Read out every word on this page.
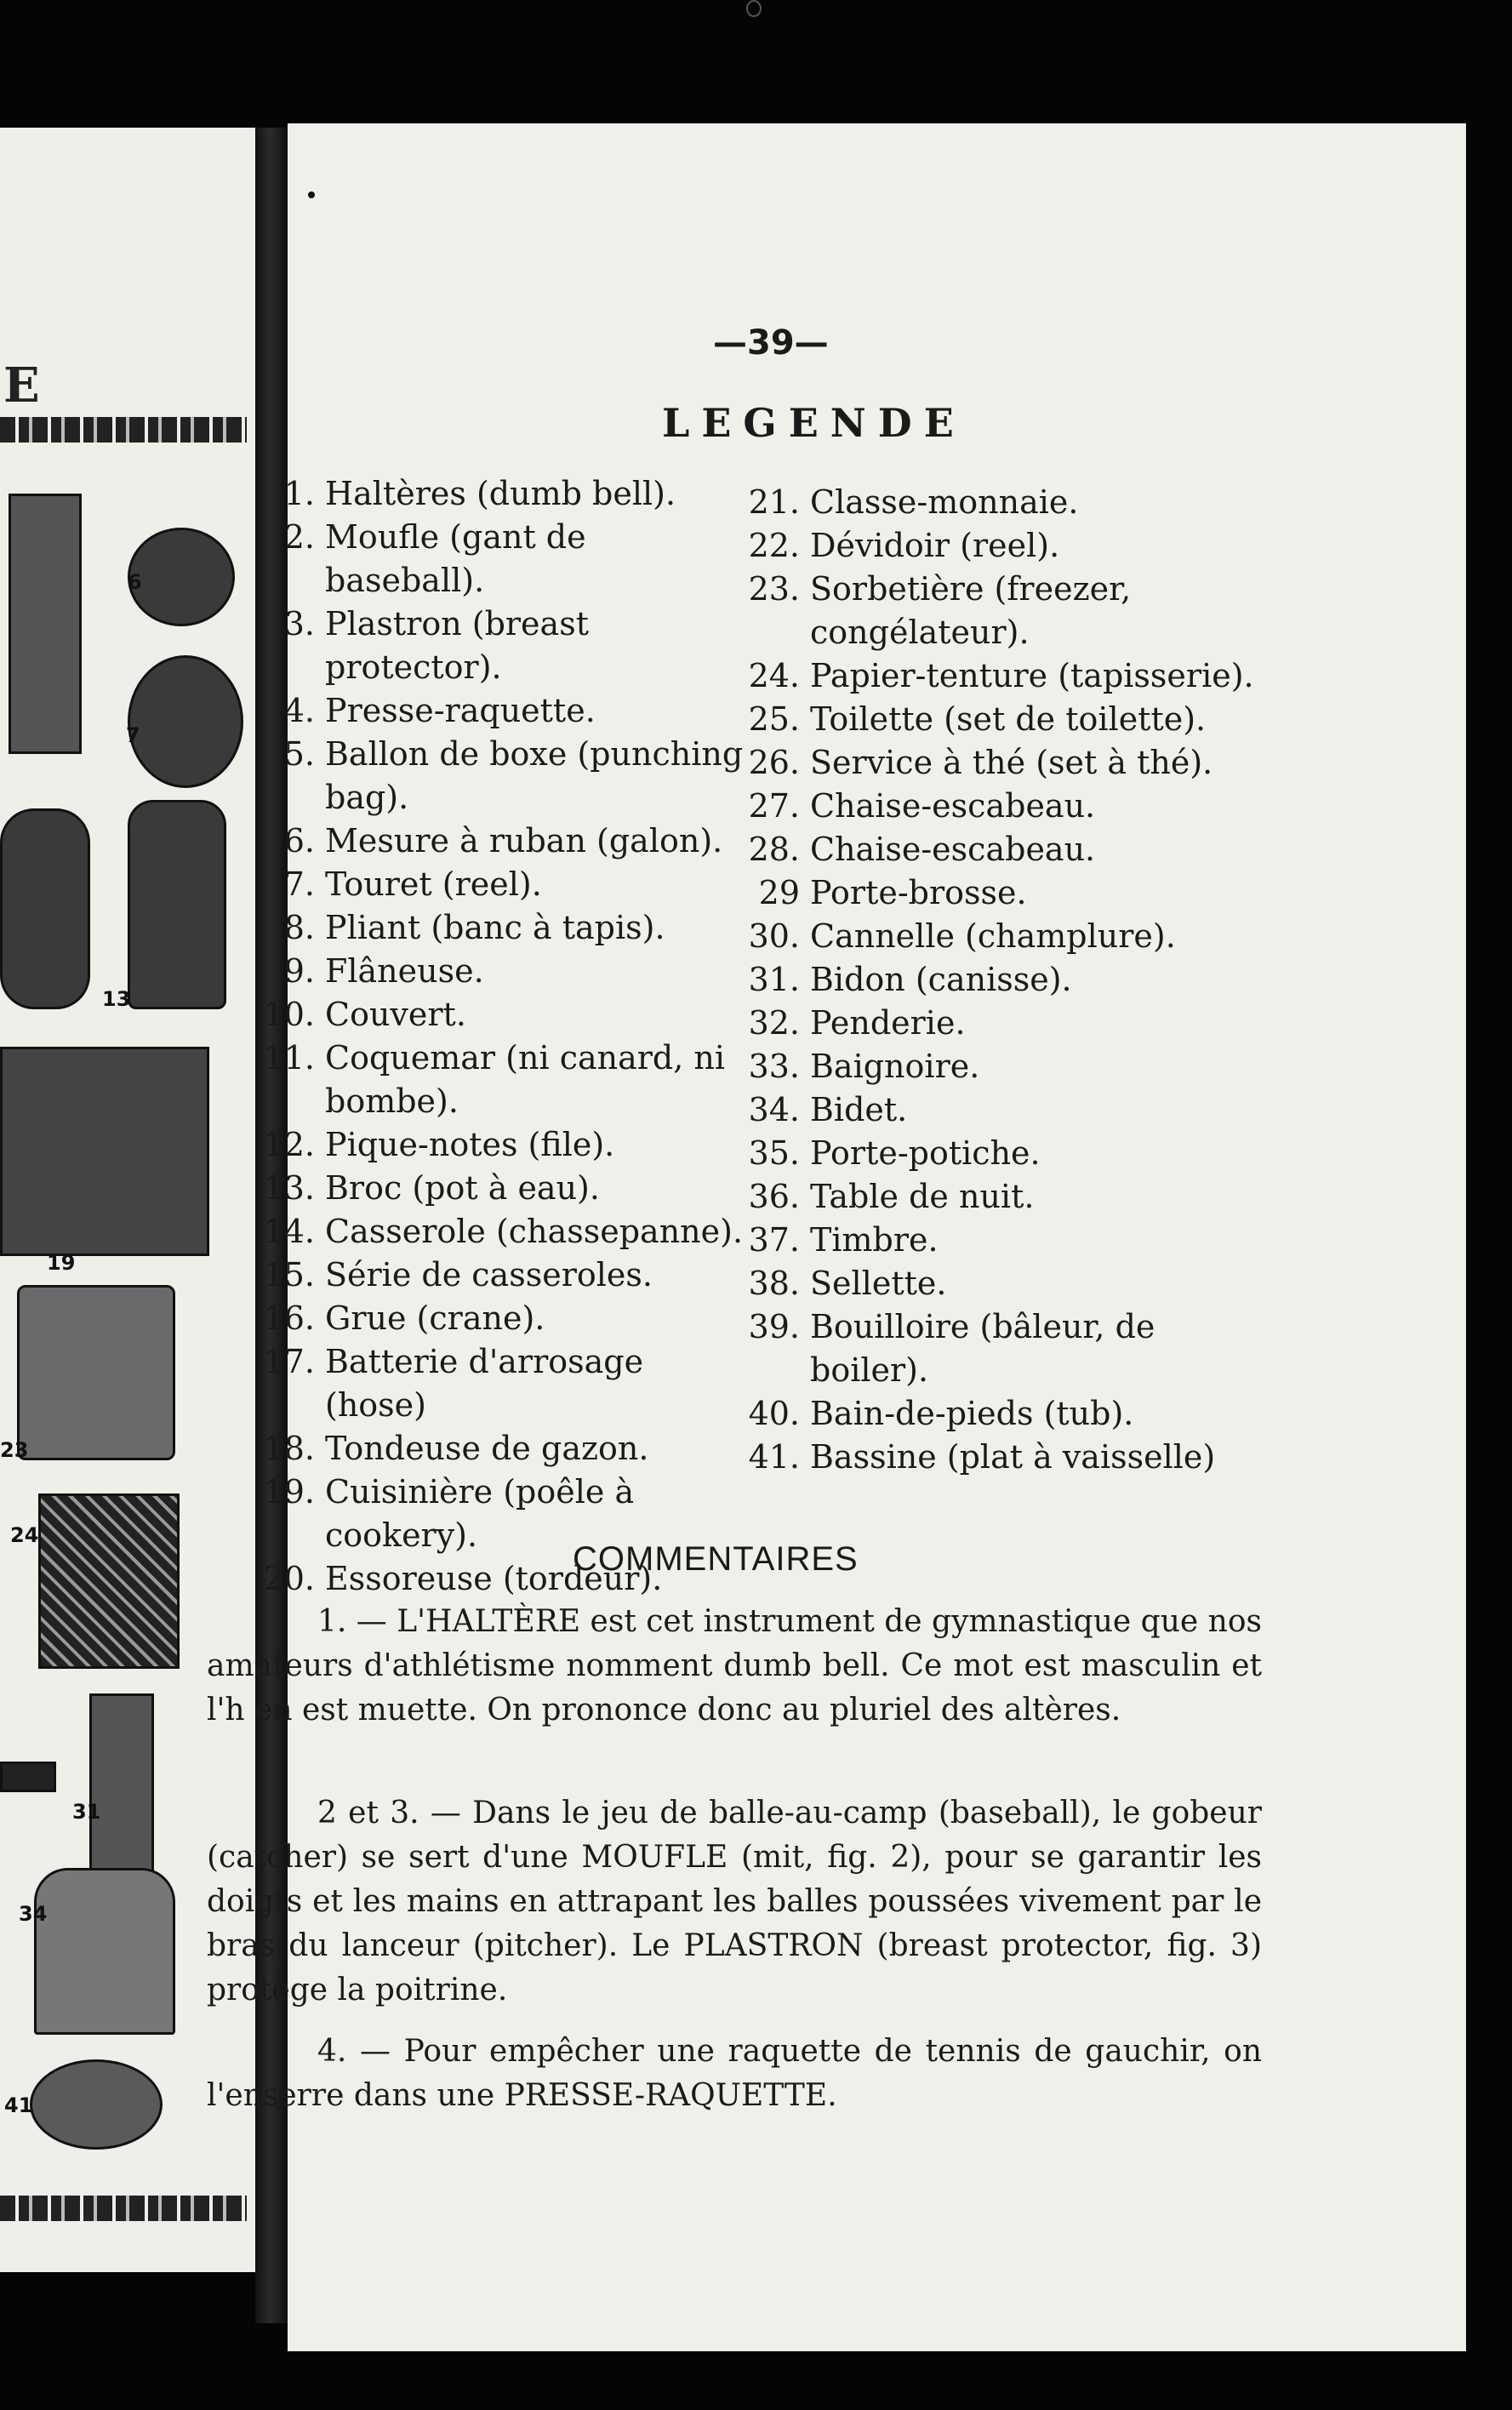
E
6
7
13
19
23
24
31
34
41
—39—
LEGENDE
1. Haltères (dumb bell).
2. Moufle (gant de baseball).
3. Plastron (breast protector).
4. Presse-raquette.
5. Ballon de boxe (punching bag).
6. Mesure à ruban (galon).
7. Touret (reel).
8. Pliant (banc à tapis).
9. Flâneuse.
10. Couvert.
11. Coquemar (ni canard, ni bombe).
12. Pique-notes (file).
13. Broc (pot à eau).
14. Casserole (chassepanne).
15. Série de casseroles.
16. Grue (crane).
17. Batterie d'arrosage (hose)
18. Tondeuse de gazon.
19. Cuisinière (poêle à cookery).
20. Essoreuse (tordeur).
21. Classe-monnaie.
22. Dévidoir (reel).
23. Sorbetière (freezer, congélateur).
24. Papier-tenture (tapisserie).
25. Toilette (set de toilette).
26. Service à thé (set à thé).
27. Chaise-escabeau.
28. Chaise-escabeau.
29 Porte-brosse.
30. Cannelle (champlure).
31. Bidon (canisse).
32. Penderie.
33. Baignoire.
34. Bidet.
35. Porte-potiche.
36. Table de nuit.
37. Timbre.
38. Sellette.
39. Bouilloire (bâleur, de boiler).
40. Bain-de-pieds (tub).
41. Bassine (plat à vaisselle)
COMMENTAIRES

1. — L'HALTÈRE est cet instrument de gymnastique que nos amateurs d'athlétisme nomment dumb bell. Ce mot est masculin et l'h en est muette. On prononce donc au pluriel des altères.

2 et 3. — Dans le jeu de balle-au-camp (baseball), le gobeur (catcher) se sert d'une MOUFLE (mit, fig. 2), pour se garantir les doigts et les mains en attrapant les balles poussées vivement par le bras du lanceur (pitcher). Le PLASTRON (breast protector, fig. 3) protège la poitrine.

4. — Pour empêcher une raquette de tennis de gauchir, on l'enserre dans une PRESSE-RAQUETTE.
